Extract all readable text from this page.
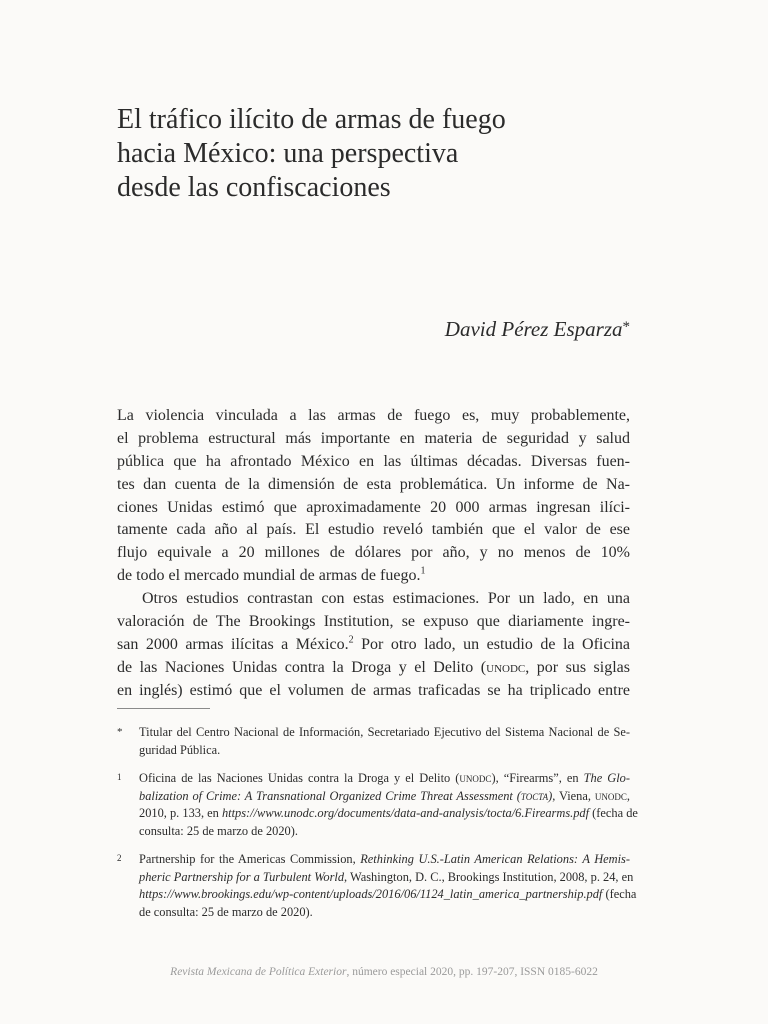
El tráfico ilícito de armas de fuego
hacia México: una perspectiva
desde las confiscaciones
David Pérez Esparza*
La violencia vinculada a las armas de fuego es, muy probablemente,
el problema estructural más importante en materia de seguridad y salud
pública que ha afrontado México en las últimas décadas. Diversas fuen-
tes dan cuenta de la dimensión de esta problemática. Un informe de Na-
ciones Unidas estimó que aproximadamente 20 000 armas ingresan ilíci-
tamente cada año al país. El estudio reveló también que el valor de ese
flujo equivale a 20 millones de dólares por año, y no menos de 10%
de todo el mercado mundial de armas de fuego.$^1$
Otros estudios contrastan con estas estimaciones. Por un lado, en una
valoración de The Brookings Institution, se expuso que diariamente ingre-
san 2000 armas ilícitas a México.$^2$ Por otro lado, un estudio de la Oficina
de las Naciones Unidas contra la Droga y el Delito (unodc, por sus siglas
en inglés) estimó que el volumen de armas traficadas se ha triplicado entre
* Titular del Centro Nacional de Información, Secretariado Ejecutivo del Sistema Nacional de Se-
guridad Pública.
1 Oficina de las Naciones Unidas contra la Droga y el Delito (unodc), “Firearms”, en The Glo-
balization of Crime: A Transnational Organized Crime Threat Assessment (tocta), Viena, unodc,
2010, p. 133, en https://www.unodc.org/documents/data-and-analysis/tocta/6.Firearms.pdf (fecha de
consulta: 25 de marzo de 2020).
2 Partnership for the Americas Commission, Rethinking U.S.-Latin American Relations: A Hemis-
pheric Partnership for a Turbulent World, Washington, D. C., Brookings Institution, 2008, p. 24, en
https://www.brookings.edu/wp-content/uploads/2016/06/1124_latin_america_partnership.pdf (fecha
de consulta: 25 de marzo de 2020).
Revista Mexicana de Política Exterior, número especial 2020, pp. 197-207, ISSN 0185-6022
